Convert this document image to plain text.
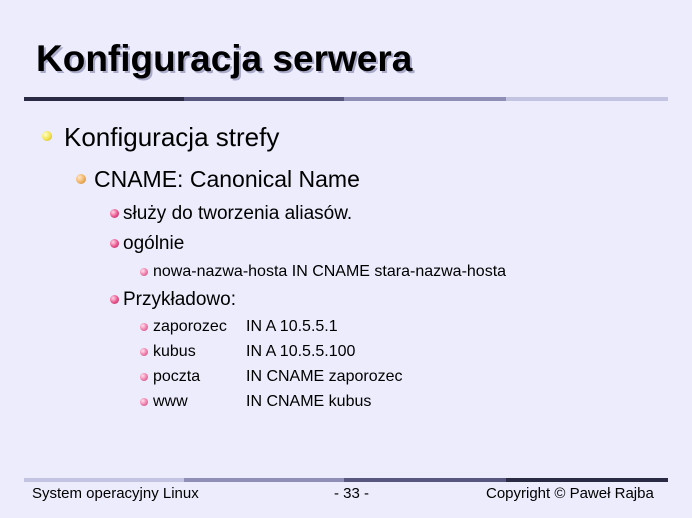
Konfiguracja serwera
Konfiguracja strefy
CNAME: Canonical Name
służy do tworzenia aliasów.
ogólnie
nowa-nazwa-hosta IN CNAME stara-nazwa-hosta
Przykładowo:
zaporozec IN A 10.5.5.1
kubus	IN A 10.5.5.100
poczta	IN CNAME zaporozec
www	IN CNAME kubus
System operacyjny Linux	- 33 -	Copyright © Paweł Rajba
